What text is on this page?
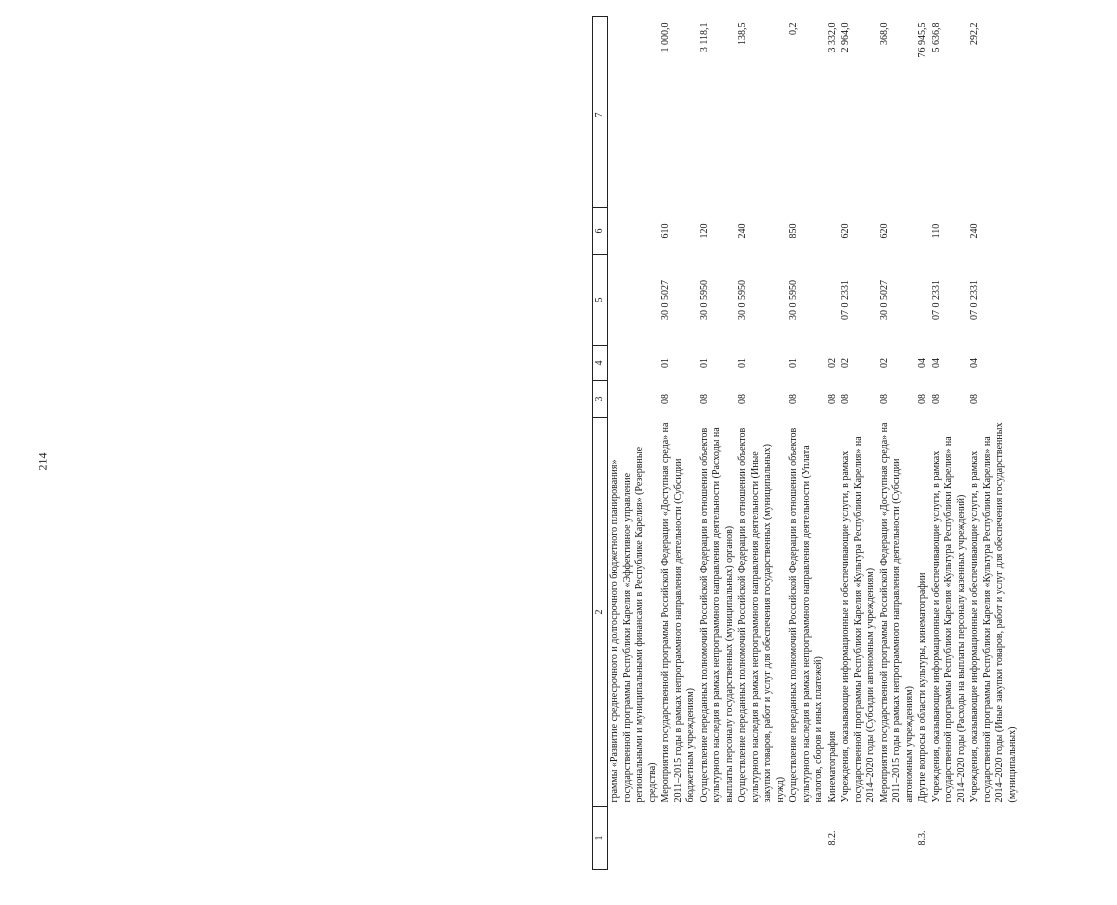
214
1	2	3	4	5	6	7
	граммы «Развитие среднесрочного и долгосрочного бюджетного планирования» государственной программы Республики Карелия «Эффективное управление региональными и муниципальными финансами в Республике Карелия» (Резервные средства)					
	Мероприятия государственной программы Российской Федерации «Доступная среда» на 2011–2015 годы в рамках непрограммного направления деятельности (Субсидии бюджетным учреждениям)	08	01	30 0 5027	610	1 000,0
	Осуществление переданных полномочий Российской Федерации в отношении объектов культурного наследия в рамках непрограммного направления деятельности (Расходы на выплаты персоналу государственных (муниципальных) органов)	08	01	30 0 5950	120	3 118,1
	Осуществление переданных полномочий Российской Федерации в отношении объектов культурного наследия в рамках непрограммного направления деятельности (Иные закупки товаров, работ и услуг для обеспечения государственных (муниципальных) нужд)	08	01	30 0 5950	240	138,5
	Осуществление переданных полномочий Российской Федерации в отношении объектов культурного наследия в рамках непрограммного направления деятельности (Уплата налогов, сборов и иных платежей)	08	01	30 0 5950	850	0,2
8.2.	Кинематография	08	02			3 332,0
	Учреждения, оказывающие информационные и обеспечивающие услуги, в рамках государственной программы Республики Карелия «Культура Республики Карелия» на 2014–2020 годы (Субсидии автономным учреждениям)	08	02	07 0 2331	620	2 964,0
	Мероприятия государственной программы Российской Федерации «Доступная среда» на 2011–2015 годы в рамках непрограммного направления деятельности (Субсидии автономным учреждениям)	08	02	30 0 5027	620	368,0
8.3.	Другие вопросы в области культуры, кинематографии	08	04			76 945,5
	Учреждения, оказывающие информационные и обеспечивающие услуги, в рамках государственной программы Республики Карелия «Культура Республики Карелия» на 2014–2020 годы (Расходы на выплаты персоналу казенных учреждений)	08	04	07 0 2331	110	5 636,8
	Учреждения, оказывающие информационные и обеспечивающие услуги, в рамках государственной программы Республики Карелия «Культура Республики Карелия» на 2014–2020 годы (Иные закупки товаров, работ и услуг для обеспечения государственных (муниципальных)	08	04	07 0 2331	240	292,2
